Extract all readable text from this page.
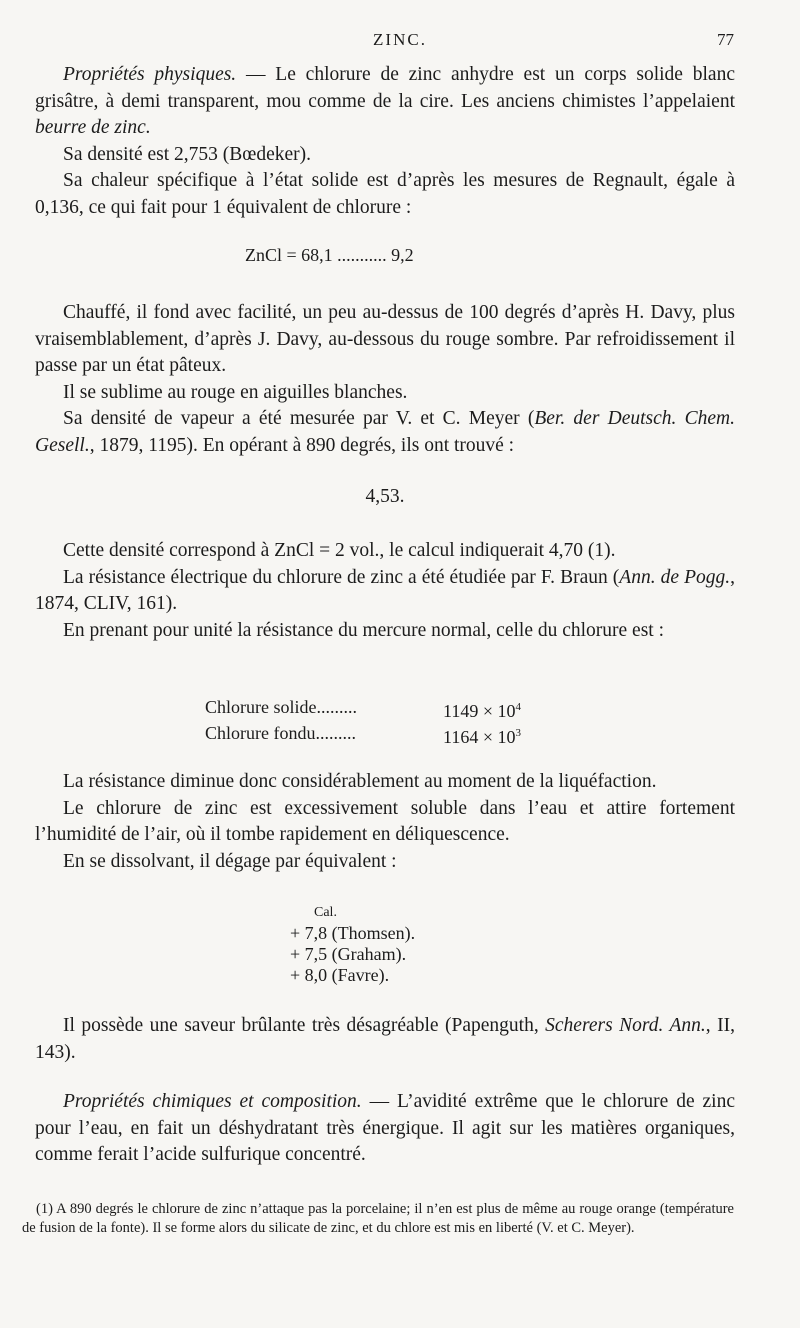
ZINC.	77

Propriétés physiques. — Le chlorure de zinc anhydre est un corps solide blanc grisâtre, à demi transparent, mou comme de la cire. Les anciens chimistes l’appelaient beurre de zinc.

Sa densité est 2,753 (Bœdeker).

Sa chaleur spécifique à l’état solide est d’après les mesures de Regnault, égale à 0,136, ce qui fait pour 1 équivalent de chlorure :

ZnCl = 68,1 ........... 9,2

Chauffé, il fond avec facilité, un peu au-dessus de 100 degrés d’après H. Davy, plus vraisemblablement, d’après J. Davy, au-dessous du rouge sombre. Par refroidissement il passe par un état pâteux.

Il se sublime au rouge en aiguilles blanches.

Sa densité de vapeur a été mesurée par V. et C. Meyer (Ber. der Deutsch. Chem. Gesell., 1879, 1195). En opérant à 890 degrés, ils ont trouvé :

4,53.

Cette densité correspond à ZnCl = 2 vol., le calcul indiquerait 4,70 (1).

La résistance électrique du chlorure de zinc a été étudiée par F. Braun (Ann. de Pogg., 1874, CLIV, 161).

En prenant pour unité la résistance du mercure normal, celle du chlorure est :

Chlorure solide.........	$1149 \times 10^4$
Chlorure fondu.........	$1164 \times 10^3$

La résistance diminue donc considérablement au moment de la liquéfaction.

Le chlorure de zinc est excessivement soluble dans l’eau et attire fortement l’humidité de l’air, où il tombe rapidement en déliquescence.

En se dissolvant, il dégage par équivalent :

Cal.
+ 7,8 (Thomsen).
+ 7,5 (Graham).
+ 8,0 (Favre).

Il possède une saveur brûlante très désagréable (Papenguth, Scherers Nord. Ann., II, 143).

Propriétés chimiques et composition. — L’avidité extrême que le chlorure de zinc pour l’eau, en fait un déshydratant très énergique. Il agit sur les matières organiques, comme ferait l’acide sulfurique concentré.

(1) A 890 degrés le chlorure de zinc n’attaque pas la porcelaine; il n’en est plus de même au rouge orange (température de fusion de la fonte). Il se forme alors du silicate de zinc, et du chlore est mis en liberté (V. et C. Meyer).
